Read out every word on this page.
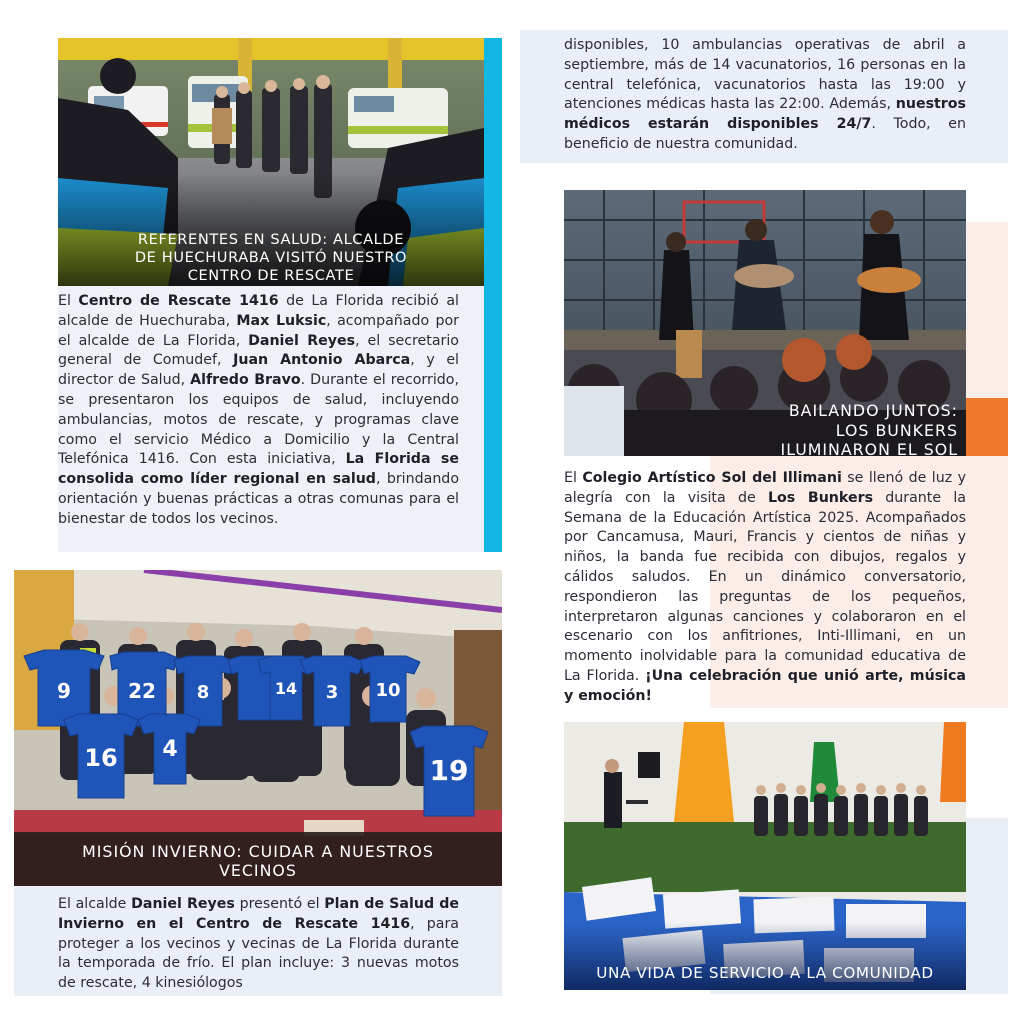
REFERENTES EN SALUD: ALCALDE
DE HUECHURABA VISITÓ NUESTRO
CENTRO DE RESCATE
El Centro de Rescate 1416 de La Florida recibió al alcalde de Huechuraba, Max Luksic, acompañado por el alcalde de La Florida, Daniel Reyes, el secretario general de Comudef, Juan Antonio Abarca, y el director de Salud, Alfredo Bravo. Durante el recorrido, se presentaron los equipos de salud, incluyendo ambulancias, motos de rescate, y programas clave como el servicio Médico a Domicilio y la Central Telefónica 1416. Con esta iniciativa, La Florida se consolida como líder regional en salud, brindando orientación y buenas prácticas a otras comunas para el bienestar de todos los vecinos.
disponibles, 10 ambulancias operativas de abril a septiembre, más de 14 vacunatorios, 16 personas en la central telefónica, vacunatorios hasta las 19:00 y atenciones médicas hasta las 22:00. Además, nuestros médicos estarán disponibles 24/7. Todo, en beneficio de nuestra comunidad.
BAILANDO JUNTOS:
LOS BUNKERS
ILUMINARON EL SOL
El Colegio Artístico Sol del Illimani se llenó de luz y alegría con la visita de Los Bunkers durante la Semana de la Educación Artística 2025. Acompañados por Cancamusa, Mauri, Francis y cientos de niñas y niños, la banda fue recibida con dibujos, regalos y cálidos saludos. En un dinámico conversatorio, respondieron las preguntas de los pequeños, interpretaron algunas canciones y colaboraron en el escenario con los anfitriones, Inti-Illimani, en un momento inolvidable para la comunidad educativa de La Florida. ¡Una celebración que unió arte, música y emoción!
9	22 8	14 3 10
16 4
19
MISIÓN INVIERNO: CUIDAR A NUESTROS
VECINOS
El alcalde Daniel Reyes presentó el Plan de Salud de Invierno en el Centro de Rescate 1416, para proteger a los vecinos y vecinas de La Florida durante la temporada de frío. El plan incluye: 3 nuevas motos de rescate, 4 kinesiólogos
UNA VIDA DE SERVICIO A LA COMUNIDAD
